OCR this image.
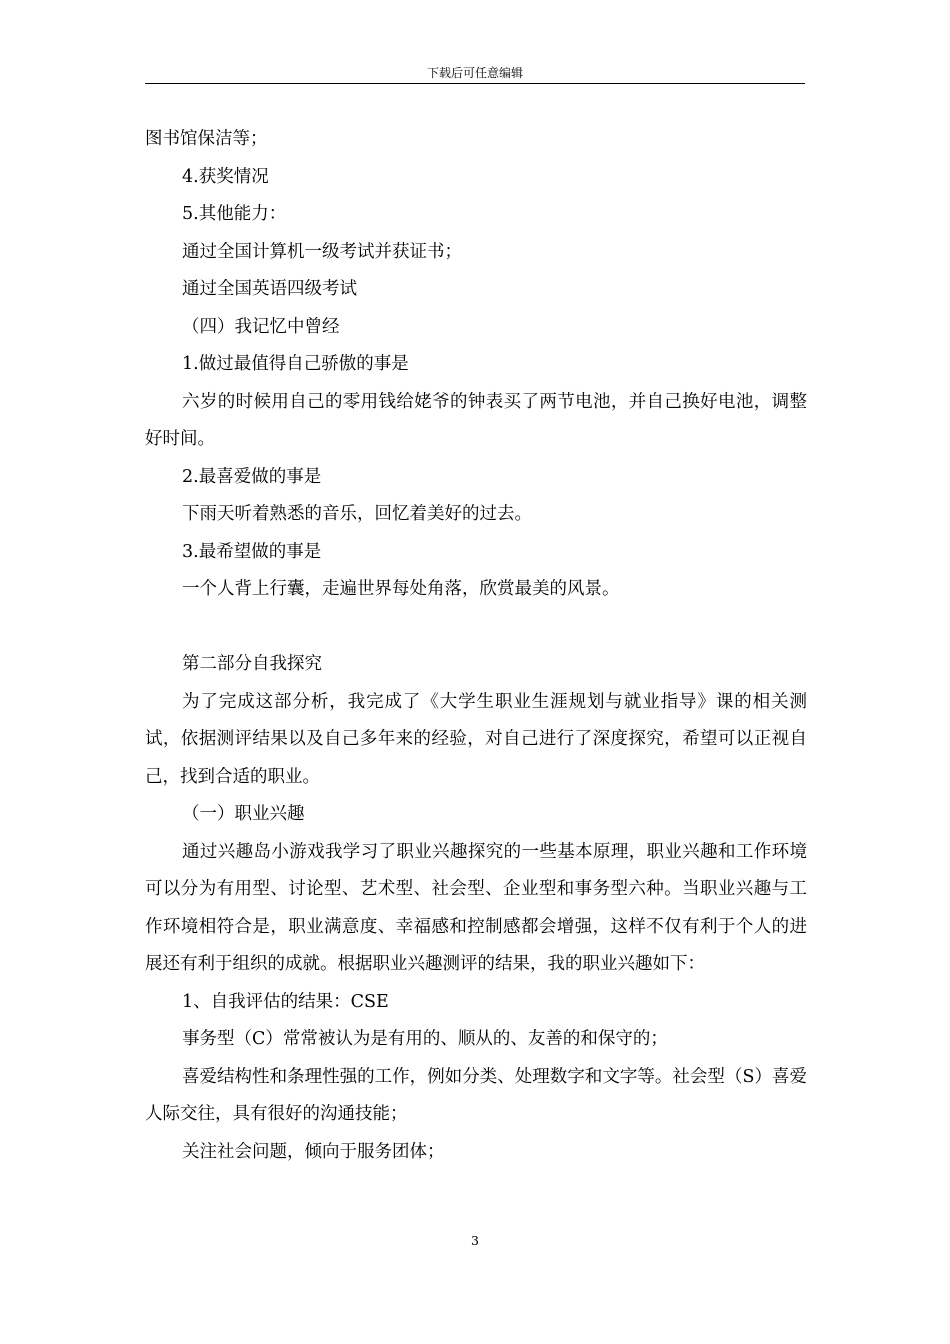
下载后可任意编辑

图书馆保洁等；

4.获奖情况

5.其他能力：

通过全国计算机一级考试并获证书；

通过全国英语四级考试

（四）我记忆中曾经

1.做过最值得自己骄傲的事是

六岁的时候用自己的零用钱给姥爷的钟表买了两节电池，并自己换好电池，调整好时间。

2.最喜爱做的事是

下雨天听着熟悉的音乐，回忆着美好的过去。

3.最希望做的事是

一个人背上行囊，走遍世界每处角落，欣赏最美的风景。

第二部分自我探究

为了完成这部分析，我完成了《大学生职业生涯规划与就业指导》课的相关测试，依据测评结果以及自己多年来的经验，对自己进行了深度探究，希望可以正视自己，找到合适的职业。

（一）职业兴趣

通过兴趣岛小游戏我学习了职业兴趣探究的一些基本原理，职业兴趣和工作环境可以分为有用型、讨论型、艺术型、社会型、企业型和事务型六种。当职业兴趣与工作环境相符合是，职业满意度、幸福感和控制感都会增强，这样不仅有利于个人的进展还有利于组织的成就。根据职业兴趣测评的结果，我的职业兴趣如下：

1、自我评估的结果：CSE

事务型（C）常常被认为是有用的、顺从的、友善的和保守的；

喜爱结构性和条理性强的工作，例如分类、处理数字和文字等。社会型（S）喜爱人际交往，具有很好的沟通技能；

关注社会问题，倾向于服务团体；

3
